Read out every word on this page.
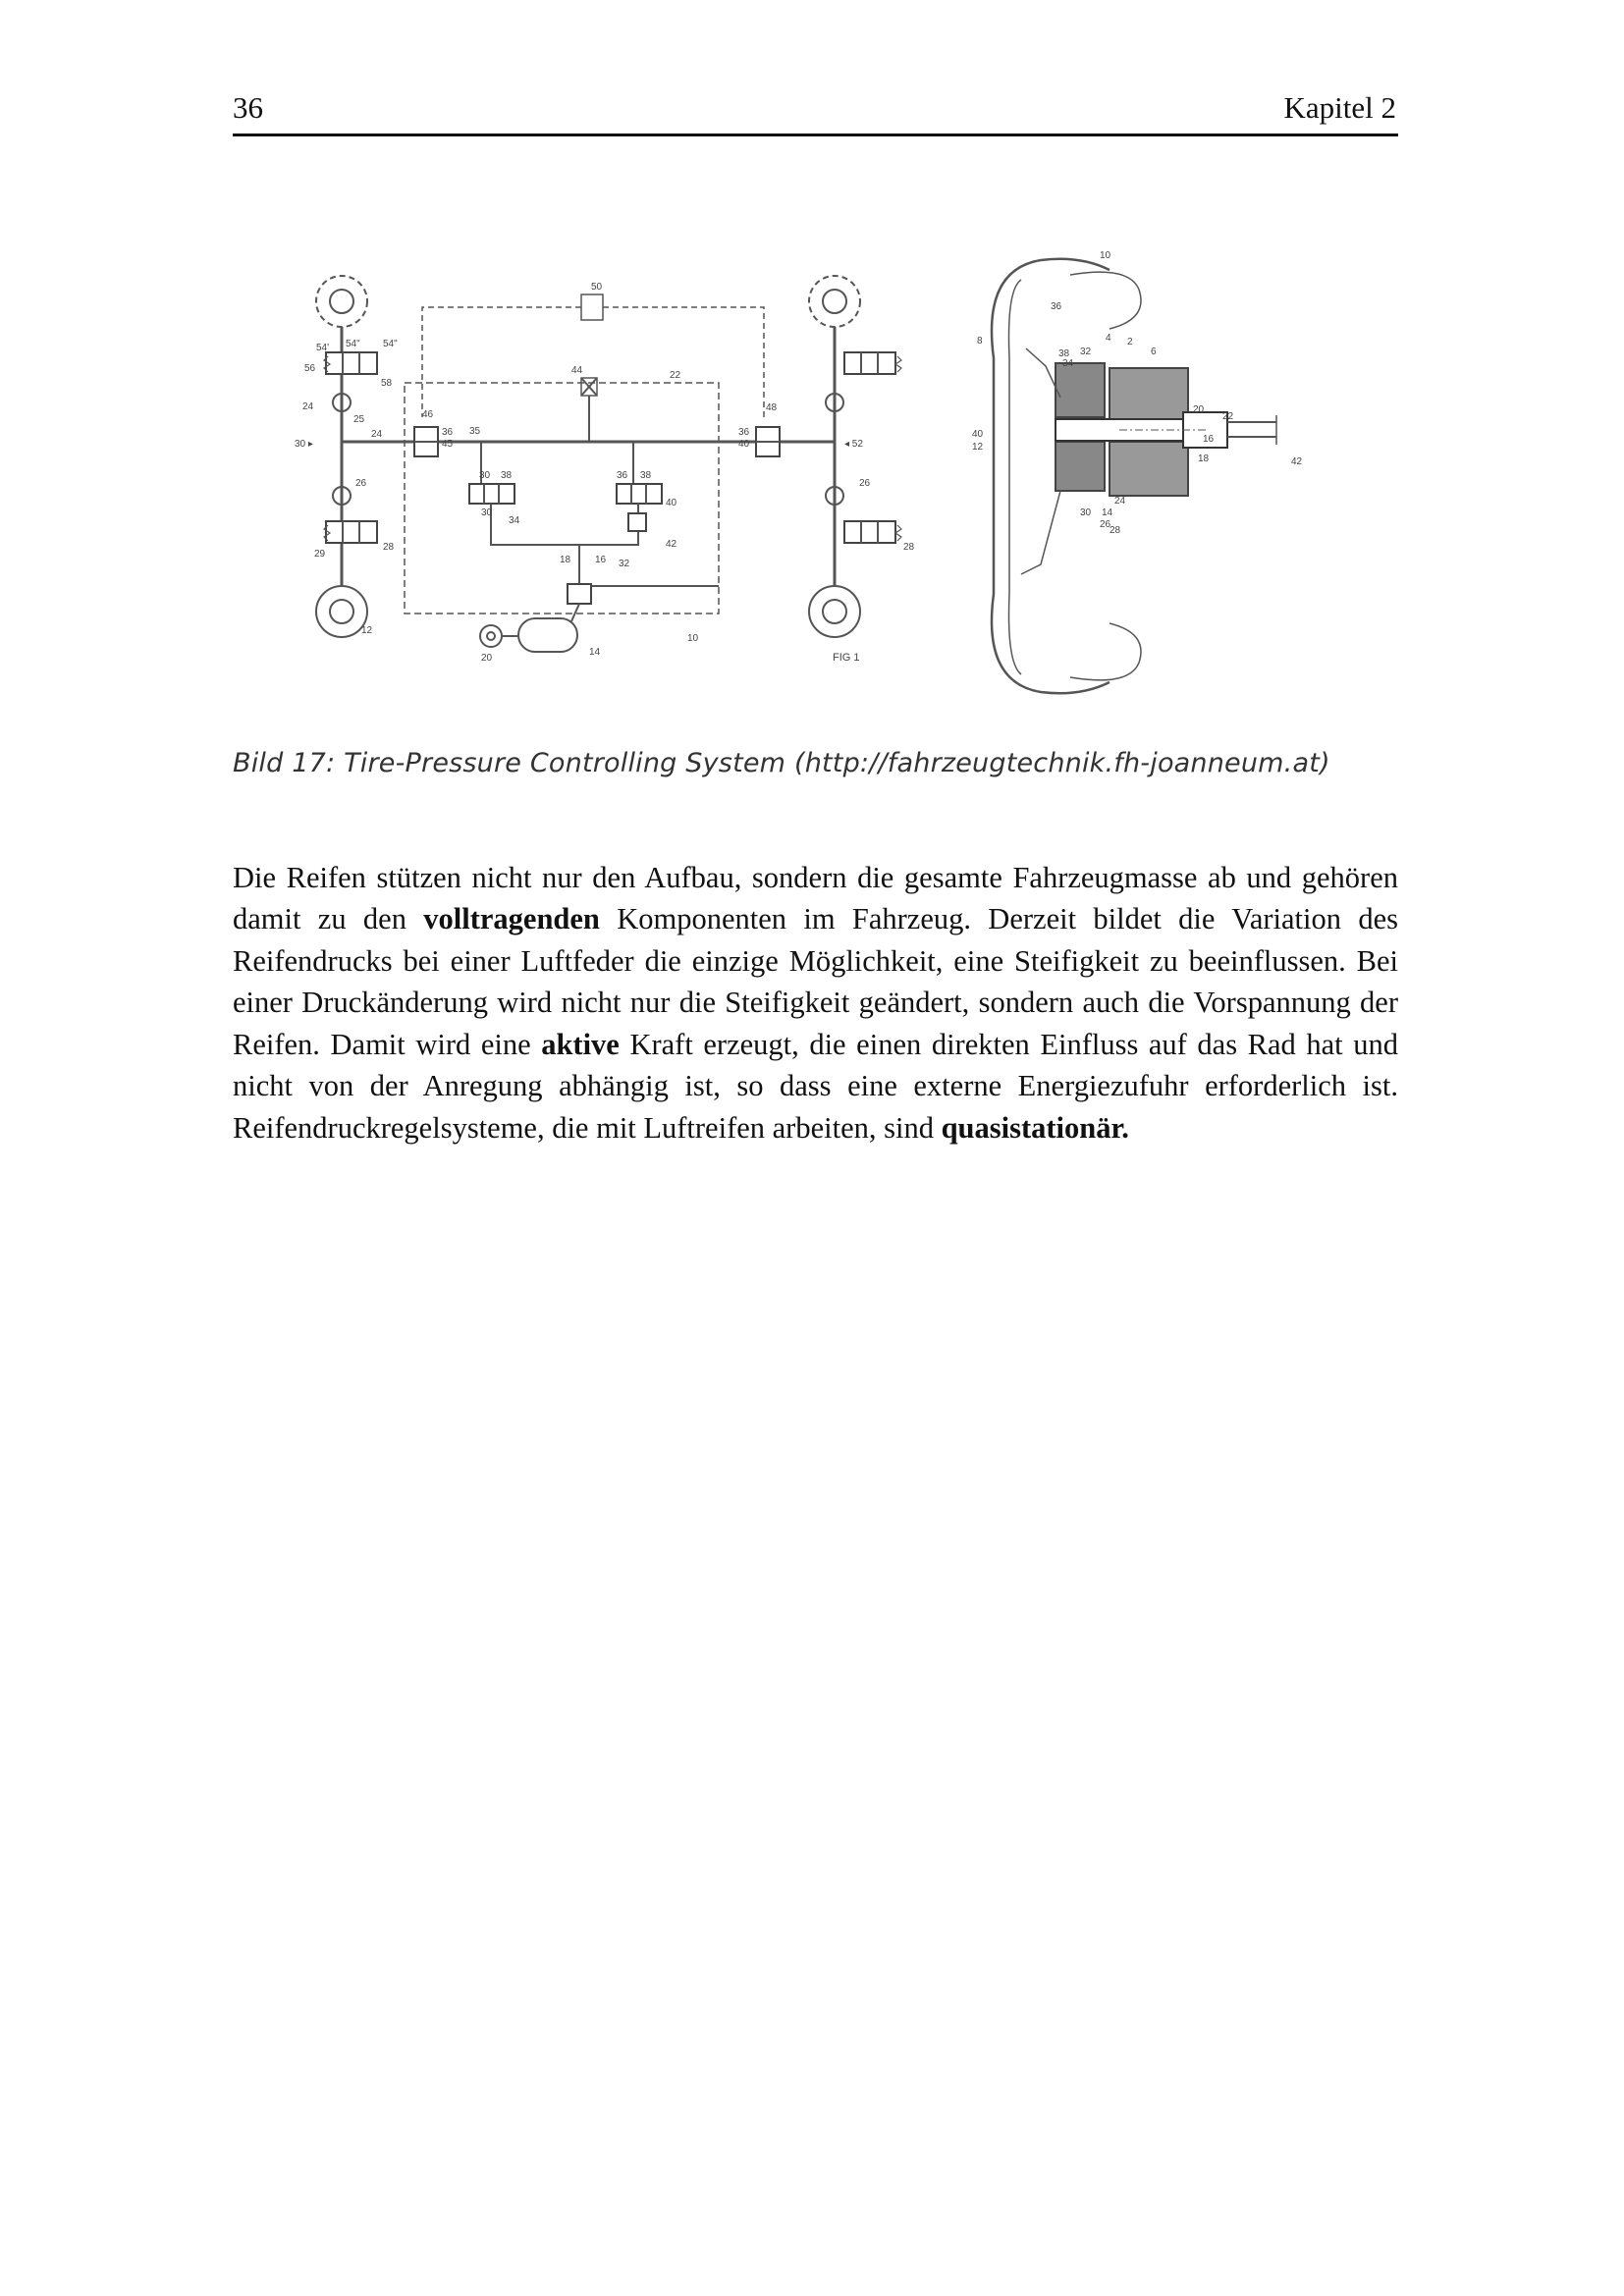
36	Kapitel 2
50
22
44
54' 54" 54"
56
58
24
25
24
46
48
36
45
35	36
40
30 ▸	◂ 52
26	26
30 38	36 38
30
34
40
42
32
16
18
28	28
29
12
20
14
10
FIG 1
10
36
8
38
34
32
4 2
6
20
22
16
40
12
18	42
24
30 14
26
28
Bild 17: Tire-Pressure Controlling System (http://fahrzeugtechnik.fh-joanneum.at)

Die Reifen stützen nicht nur den Aufbau, sondern die gesamte Fahrzeugmasse ab und gehören damit zu den volltragenden Komponenten im Fahrzeug. Derzeit bildet die Variation des Reifendrucks bei einer Luftfeder die einzige Möglichkeit, eine Steifigkeit zu beeinflussen. Bei einer Druckänderung wird nicht nur die Steifigkeit geändert, sondern auch die Vorspannung der Reifen. Damit wird eine aktive Kraft erzeugt, die einen direkten Einfluss auf das Rad hat und nicht von der Anregung abhängig ist, so dass eine externe Energiezufuhr erforderlich ist. Reifendruckregelsysteme, die mit Luftreifen arbeiten, sind quasistationär.
